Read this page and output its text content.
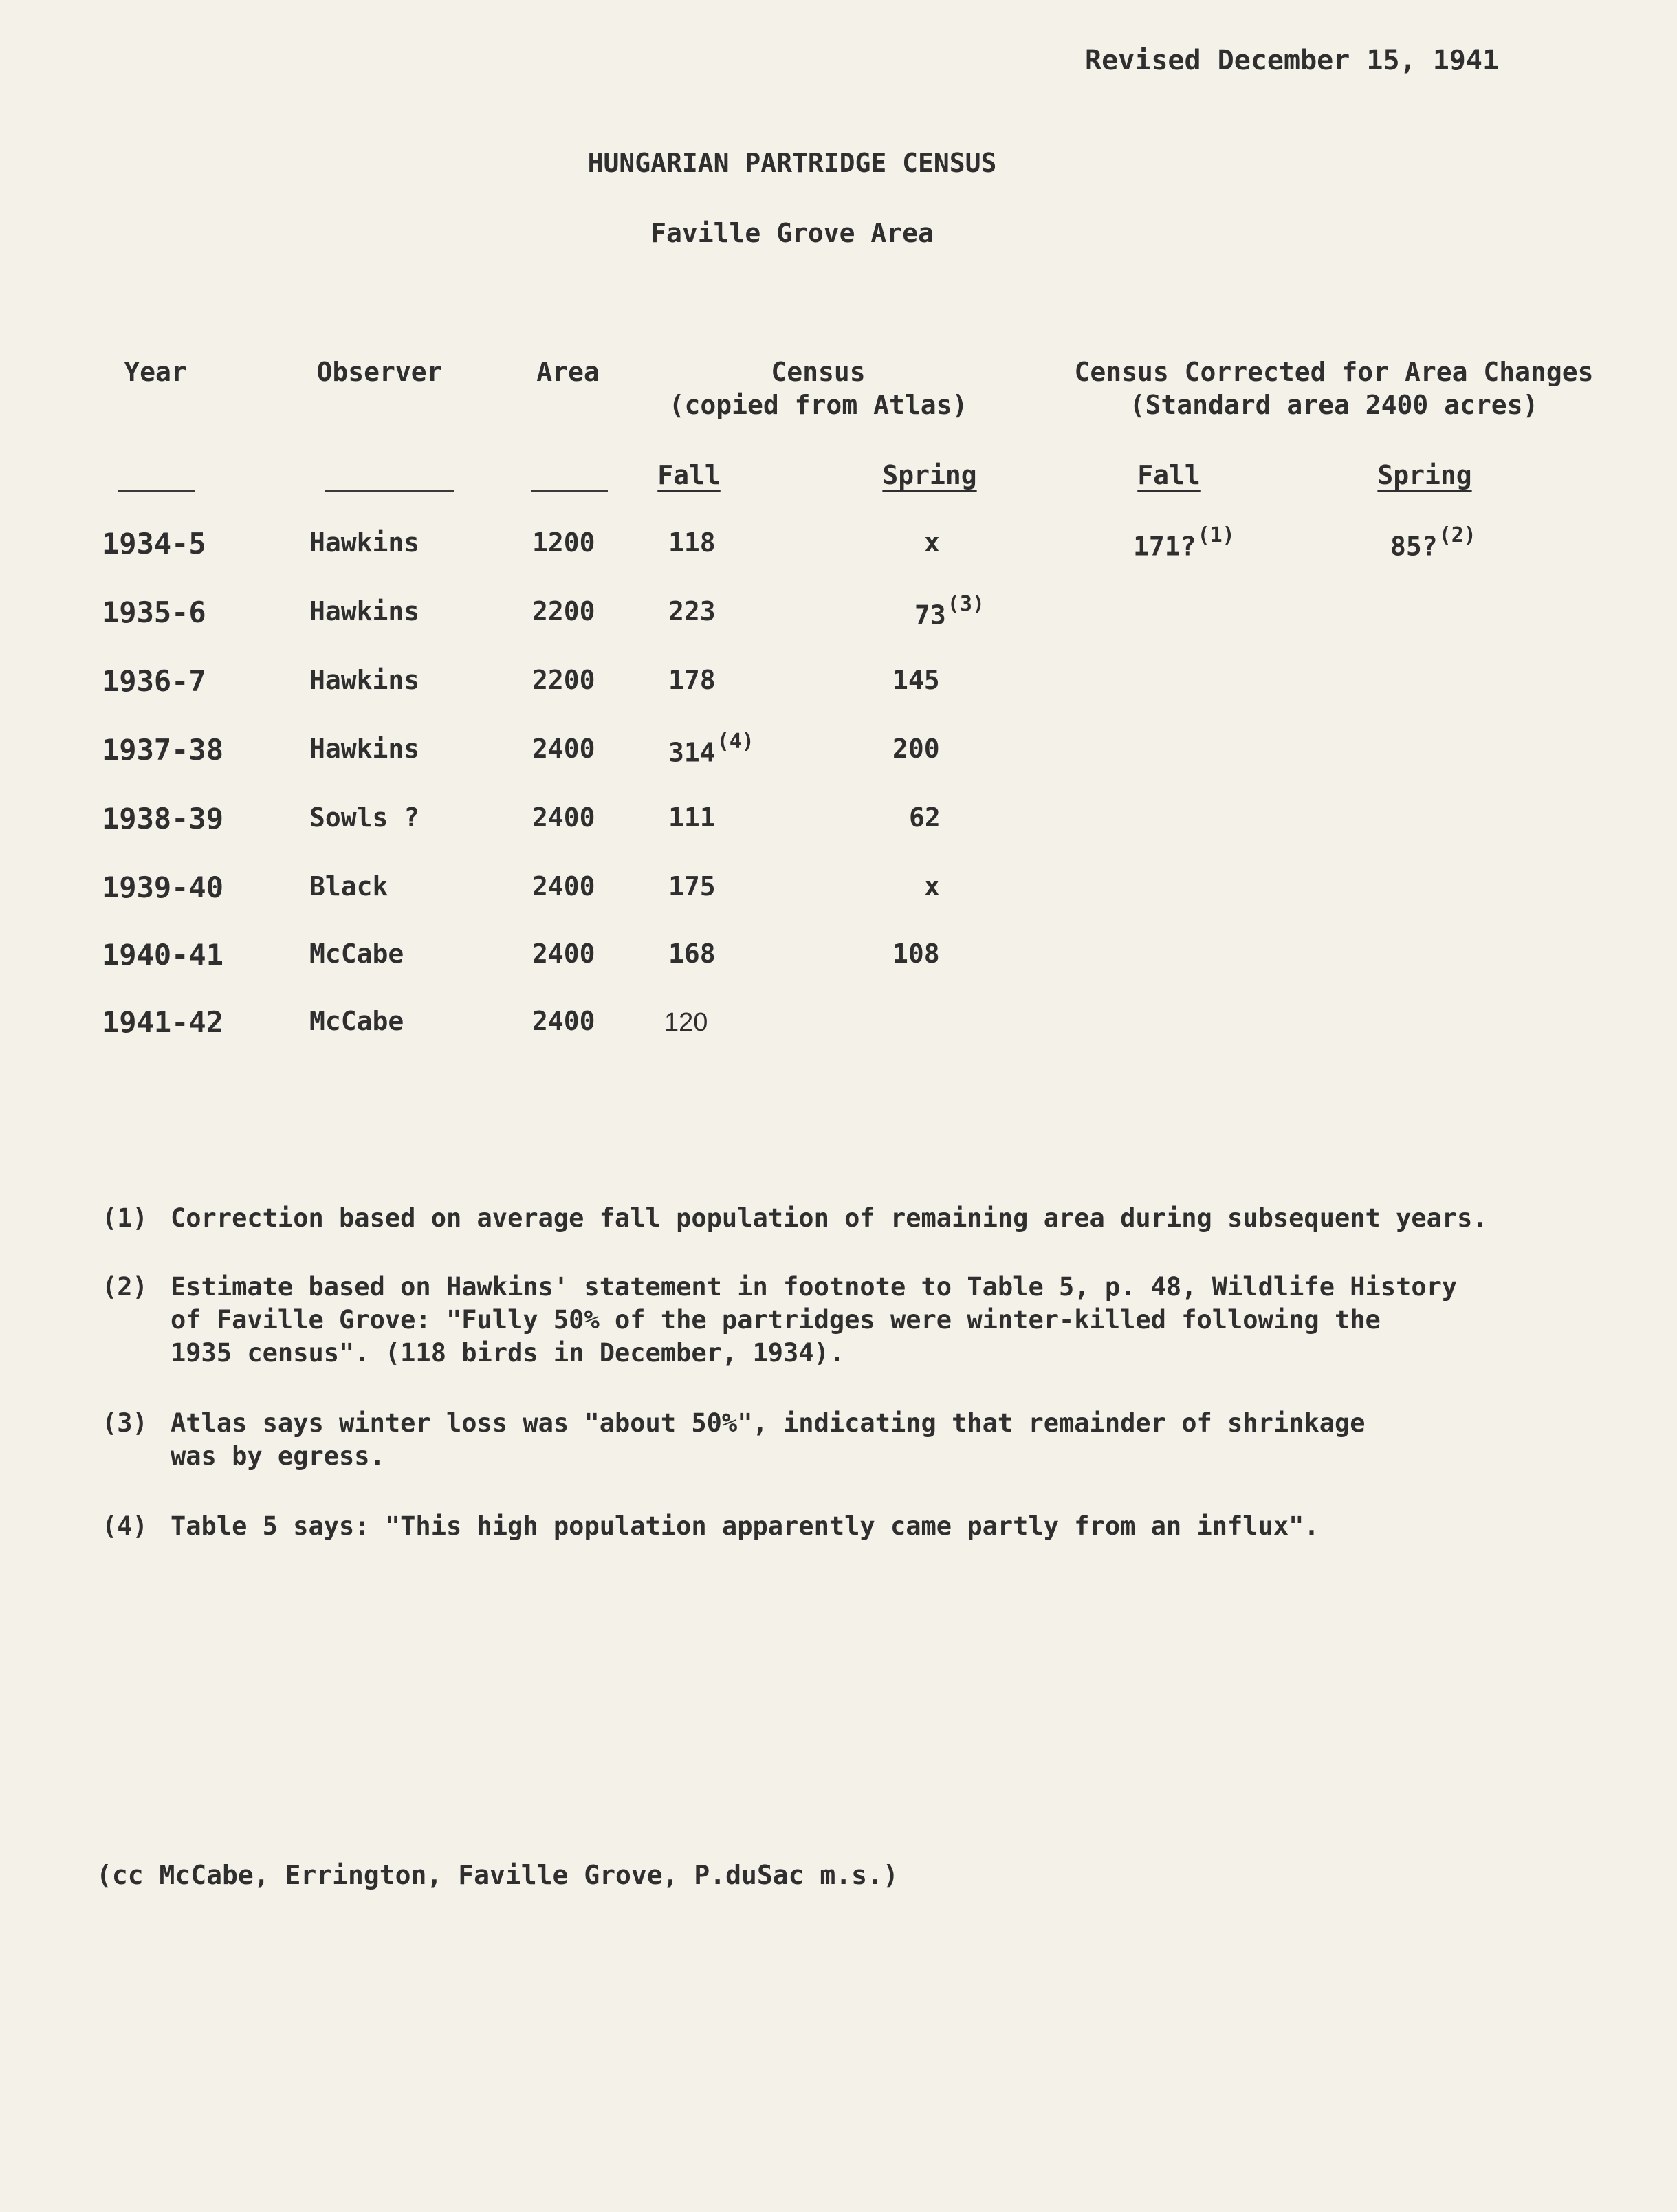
Revised December 15, 1941
HUNGARIAN PARTRIDGE CENSUS
Faville Grove Area
Year	Observer	Area	Census
(copied from Atlas)
Census Corrected for Area Changes
(Standard area 2400 acres)
Fall	Spring	Fall	Spring
1934-5	Hawkins	1200	118	x	171?$^{(1)}$	85?$^{(2)}$
1935-6	Hawkins	2200	223	73$^{(3)}$
1936-7	Hawkins	2200	178	145
1937-38	Hawkins	2400	314$^{(4)}$	200
1938-39	Sowls ?	2400	111	62
1939-40	Black	2400	175	x
1940-41	McCabe	2400	168	108
1941-42	McCabe	2400	120
(1) Correction based on average fall population of remaining area during subsequent years.
(2) Estimate based on Hawkins' statement in footnote to Table 5, p. 48, Wildlife History
of Faville Grove: "Fully 50% of the partridges were winter-killed following the
1935 census". (118 birds in December, 1934).
(3) Atlas says winter loss was "about 50%", indicating that remainder of shrinkage
was by egress.
(4) Table 5 says: "This high population apparently came partly from an influx".
(cc McCabe, Errington, Faville Grove, P.duSac m.s.)
